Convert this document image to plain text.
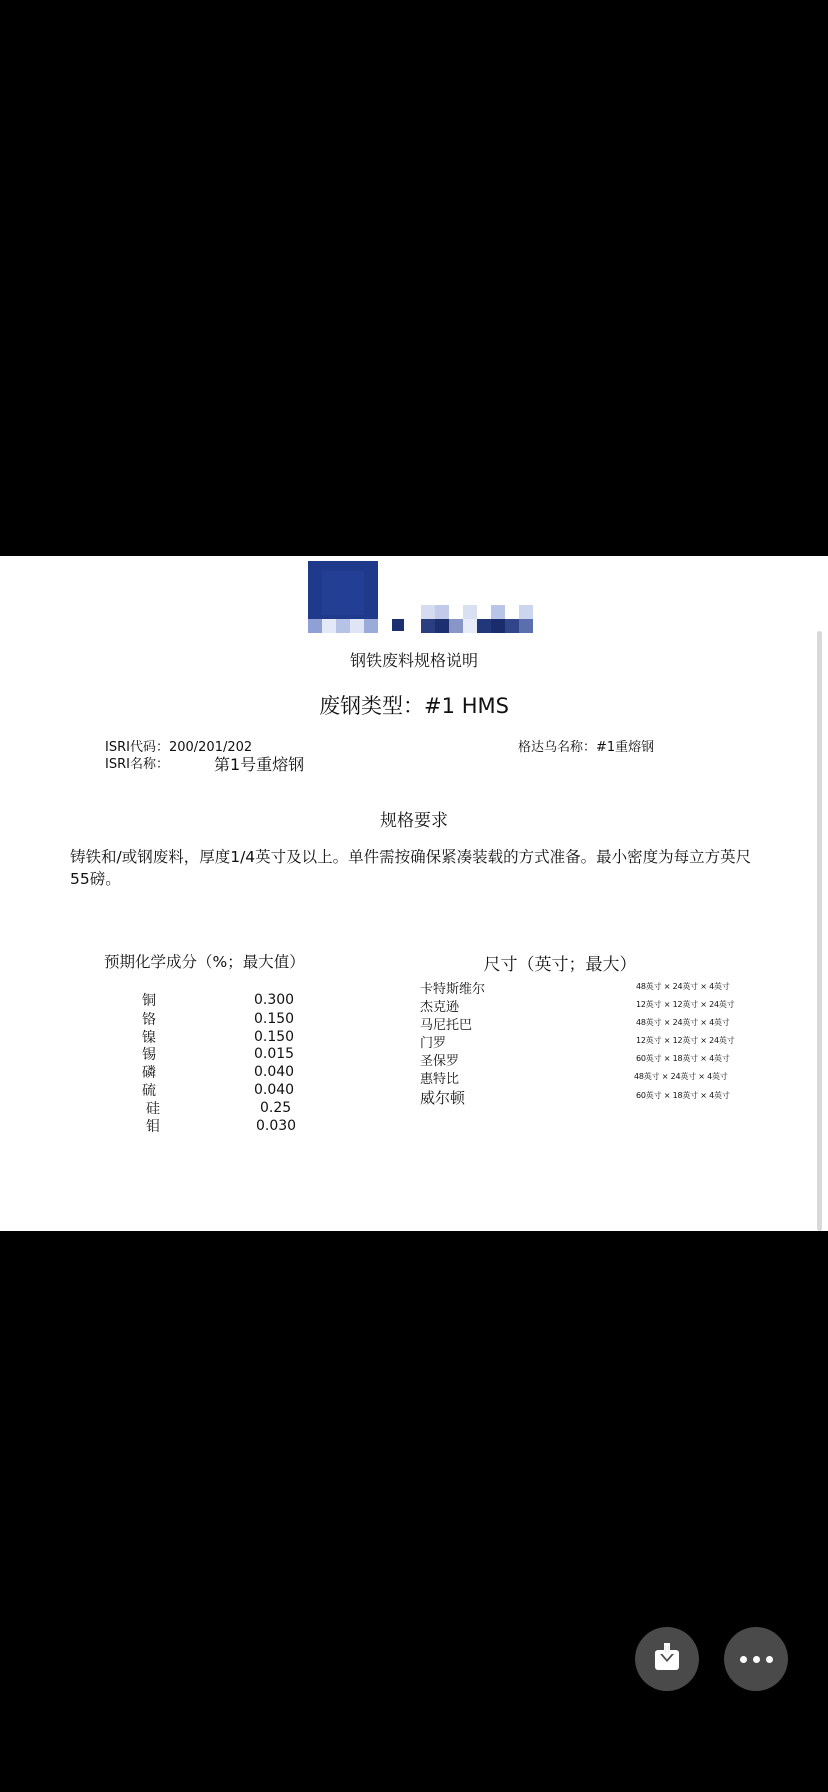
钢铁废料规格说明
废钢类型：#1 HMS
ISRI代码：200/201/202	格达乌名称：#1重熔钢
ISRI名称：	第1号重熔钢
规格要求
铸铁和/或钢废料，厚度1/4英寸及以上。单件需按确保紧凑装载的方式准备。最小密度为每立方英尺55磅。
预期化学成分（%；最大值）
铜	0.300
铬	0.150
镍	0.150
锡	0.015
磷	0.040
硫	0.040
硅	0.25
钼	0.030
尺寸（英寸；最大）
卡特斯维尔	48英寸 × 24英寸 × 4英寸
杰克逊	12英寸 × 12英寸 × 24英寸
马尼托巴	48英寸 × 24英寸 × 4英寸
门罗	12英寸 × 12英寸 × 24英寸
圣保罗	60英寸 × 18英寸 × 4英寸
惠特比	48英寸 × 24英寸 × 4英寸
威尔顿	60英寸 × 18英寸 × 4英寸
